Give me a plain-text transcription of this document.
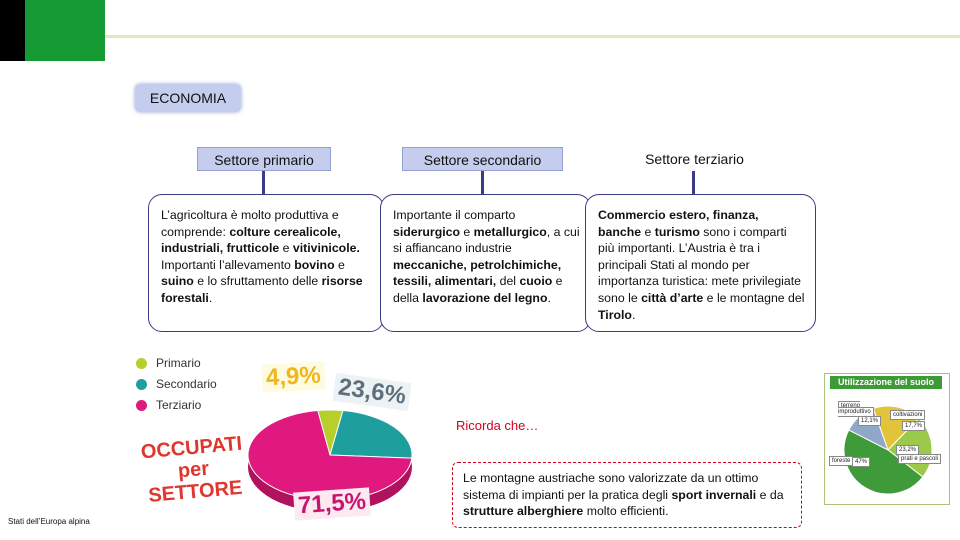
ECONOMIA
Settore primario	Settore secondario	Settore terziario
L’agricoltura è molto produttiva e comprende: colture cerealicole, industriali, frutticole e vitivinicole. Importanti l’allevamento bovino e suino e lo sfruttamento delle risorse forestali.
Importante il comparto siderurgico e metallurgico, a cui si affiancano industrie meccaniche, petrolchimiche, tessili, alimentari, del cuoio e della lavorazione del legno.
Commercio estero, finanza, banche e turismo sono i comparti più importanti. L’Austria è tra i principali Stati al mondo per importanza turistica: mete privilegiate sono le città d’arte e le montagne del Tirolo.
Primario
Secondario
Terziario
4,9% 23,6%
71,5%
OCCUPATI per SETTORE
Ricorda che…
Le montagne austriache sono valorizzate da un ottimo sistema di impianti per la pratica degli sport invernali e da strutture alberghiere molto efficienti.
Utilizzazione del suolo
terreno improduttivo
12,1%
coltivazioni
17,7%
23,2%
prati e pascoli
foreste 47%
Stati dell’Europa alpina
